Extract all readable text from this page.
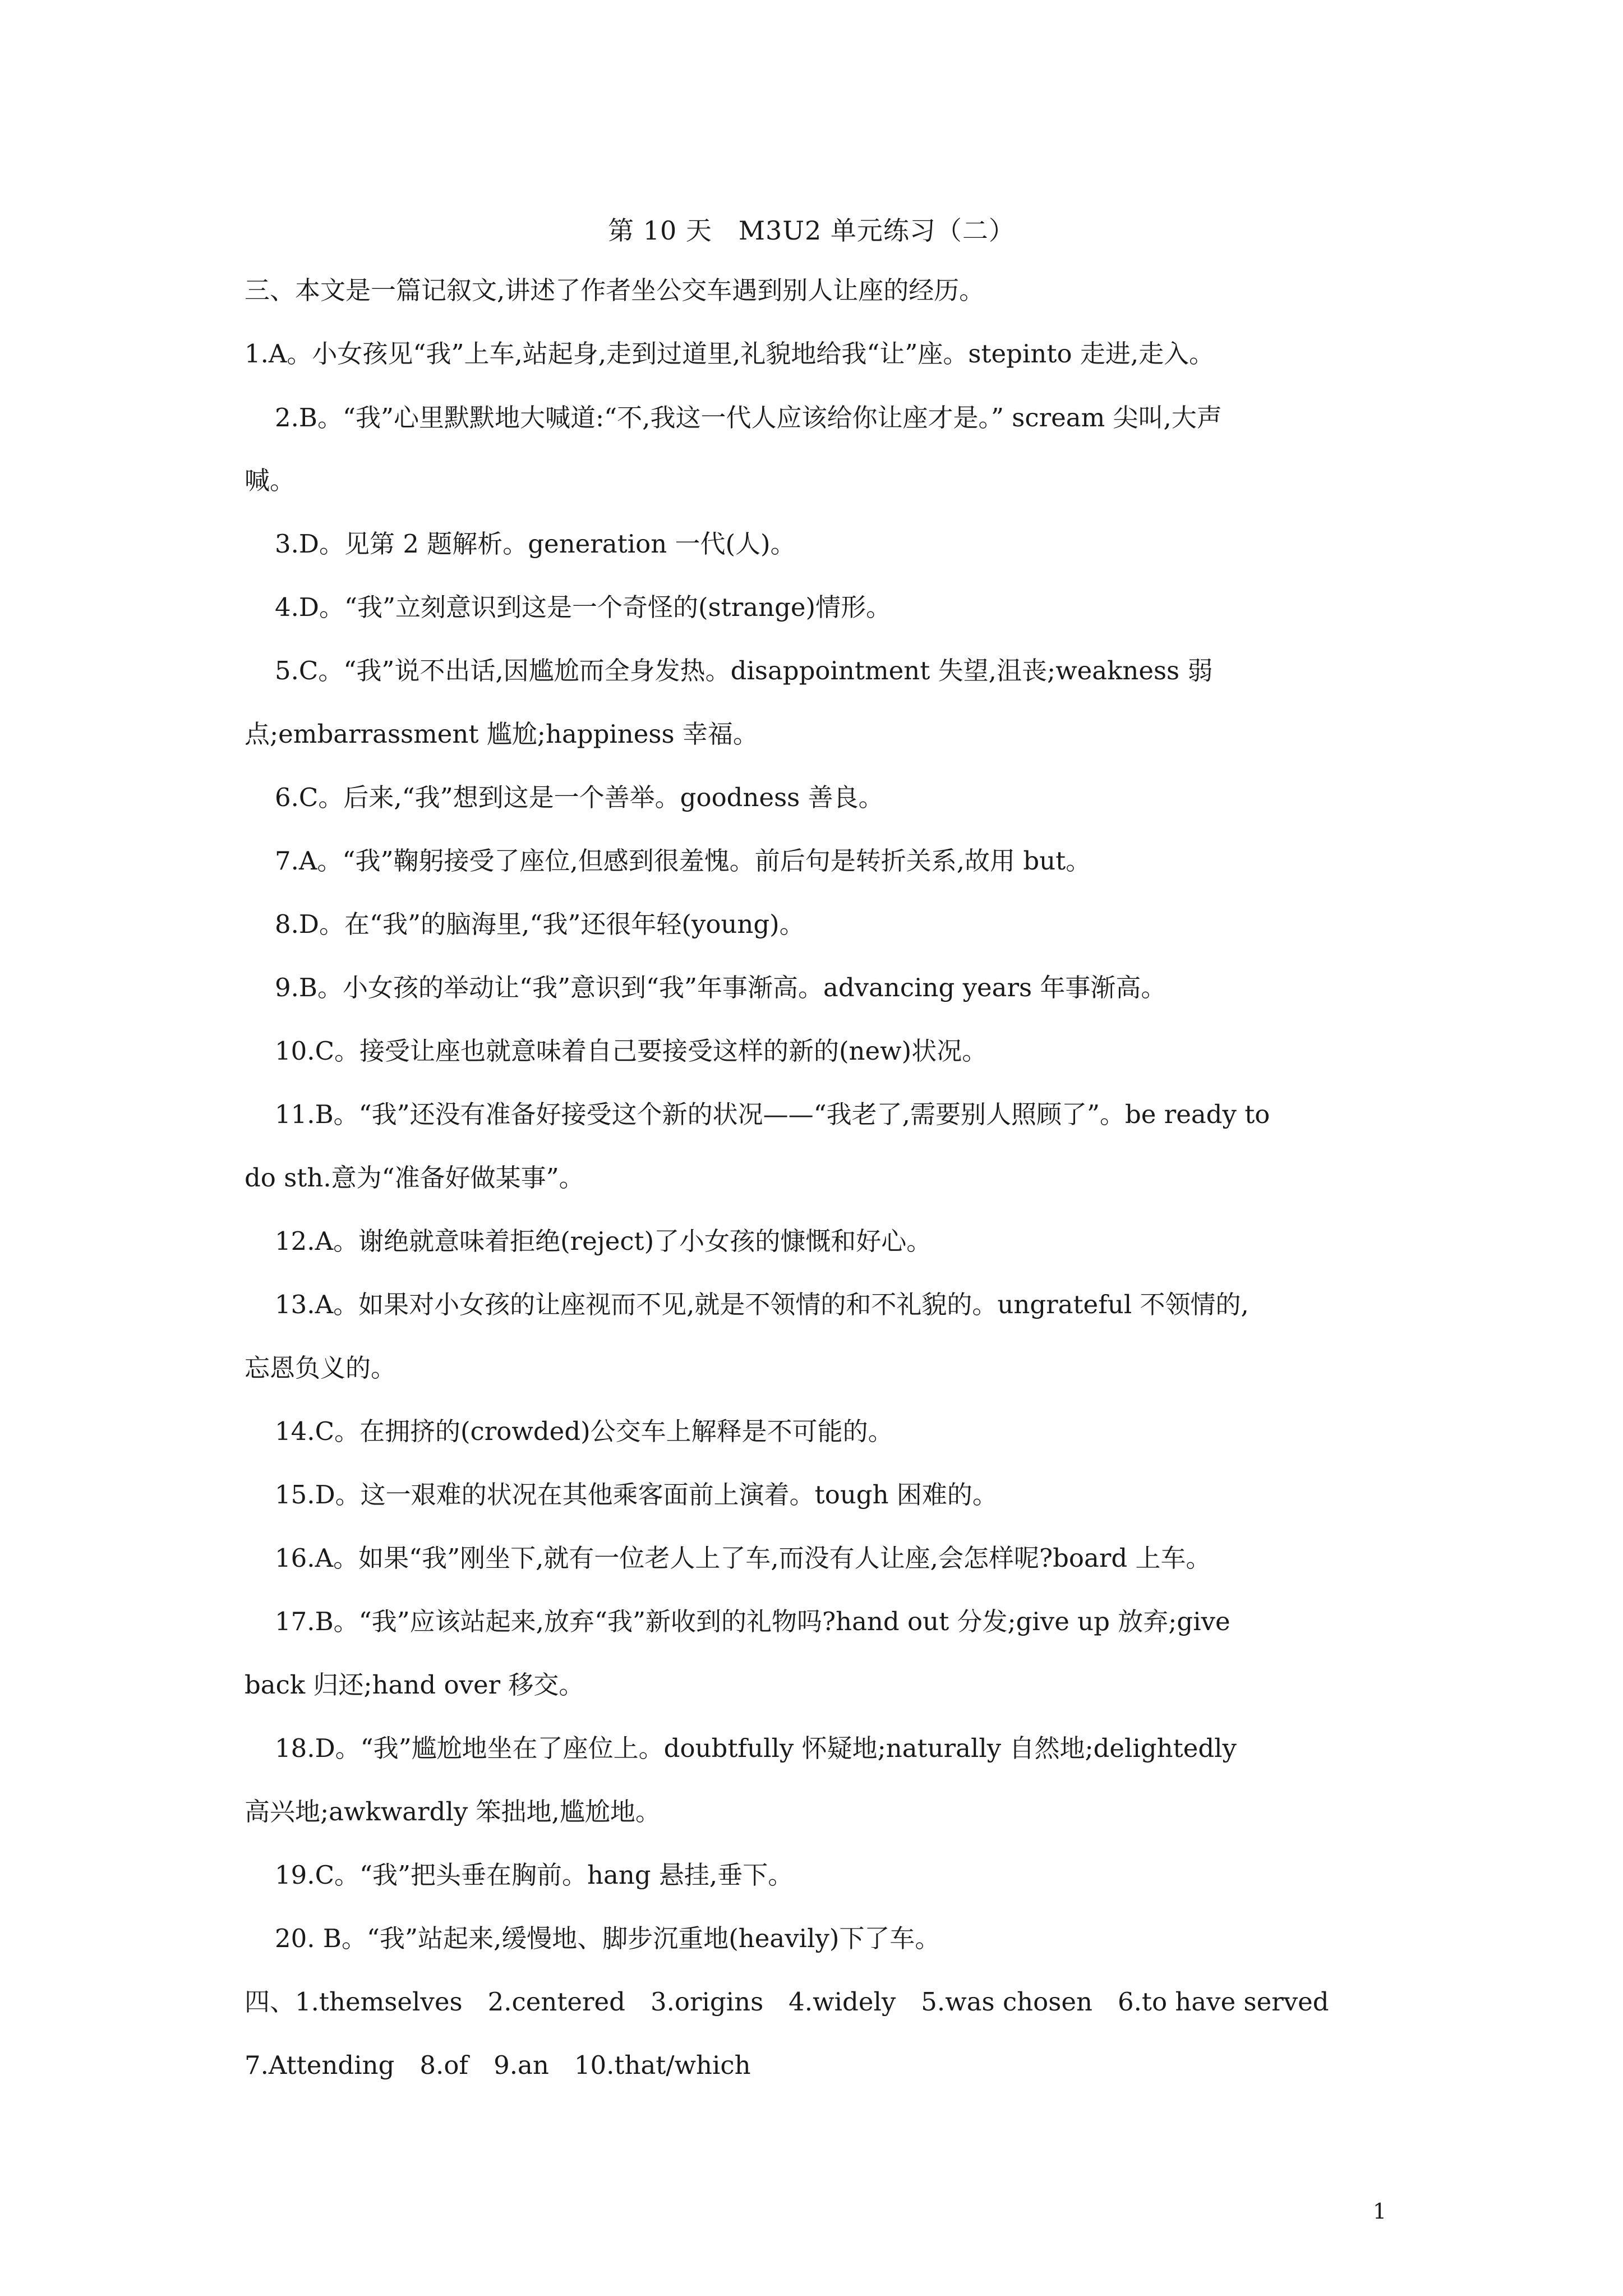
第 10 天　M3U2 单元练习（二）
三、本文是一篇记叙文,讲述了作者坐公交车遇到别人让座的经历。
1.A。小女孩见“我”上车,站起身,走到过道里,礼貌地给我“让”座。stepinto 走进,走入。
2.B。“我”心里默默地大喊道:“不,我这一代人应该给你让座才是。” scream 尖叫,大声
喊。
3.D。见第 2 题解析。generation 一代(人)。
4.D。“我”立刻意识到这是一个奇怪的(strange)情形。
5.C。“我”说不出话,因尴尬而全身发热。disappointment 失望,沮丧;weakness 弱
点;embarrassment 尴尬;happiness 幸福。
6.C。后来,“我”想到这是一个善举。goodness 善良。
7.A。“我”鞠躬接受了座位,但感到很羞愧。前后句是转折关系,故用 but。
8.D。在“我”的脑海里,“我”还很年轻(young)。
9.B。小女孩的举动让“我”意识到“我”年事渐高。advancing years 年事渐高。
10.C。接受让座也就意味着自己要接受这样的新的(new)状况。
11.B。“我”还没有准备好接受这个新的状况——“我老了,需要别人照顾了”。be ready to
do sth.意为“准备好做某事”。
12.A。谢绝就意味着拒绝(reject)了小女孩的慷慨和好心。
13.A。如果对小女孩的让座视而不见,就是不领情的和不礼貌的。ungrateful 不领情的,
忘恩负义的。
14.C。在拥挤的(crowded)公交车上解释是不可能的。
15.D。这一艰难的状况在其他乘客面前上演着。tough 困难的。
16.A。如果“我”刚坐下,就有一位老人上了车,而没有人让座,会怎样呢?board 上车。
17.B。“我”应该站起来,放弃“我”新收到的礼物吗?hand out 分发;give up 放弃;give
back 归还;hand over 移交。
18.D。“我”尴尬地坐在了座位上。doubtfully 怀疑地;naturally 自然地;delightedly
高兴地;awkwardly 笨拙地,尴尬地。
19.C。“我”把头垂在胸前。hang 悬挂,垂下。
20. B。“我”站起来,缓慢地、脚步沉重地(heavily)下了车。
四、1.themselves　2.centered　3.origins　4.widely　5.was chosen　6.to have served
7.Attending　8.of　9.an　10.that/which
1
